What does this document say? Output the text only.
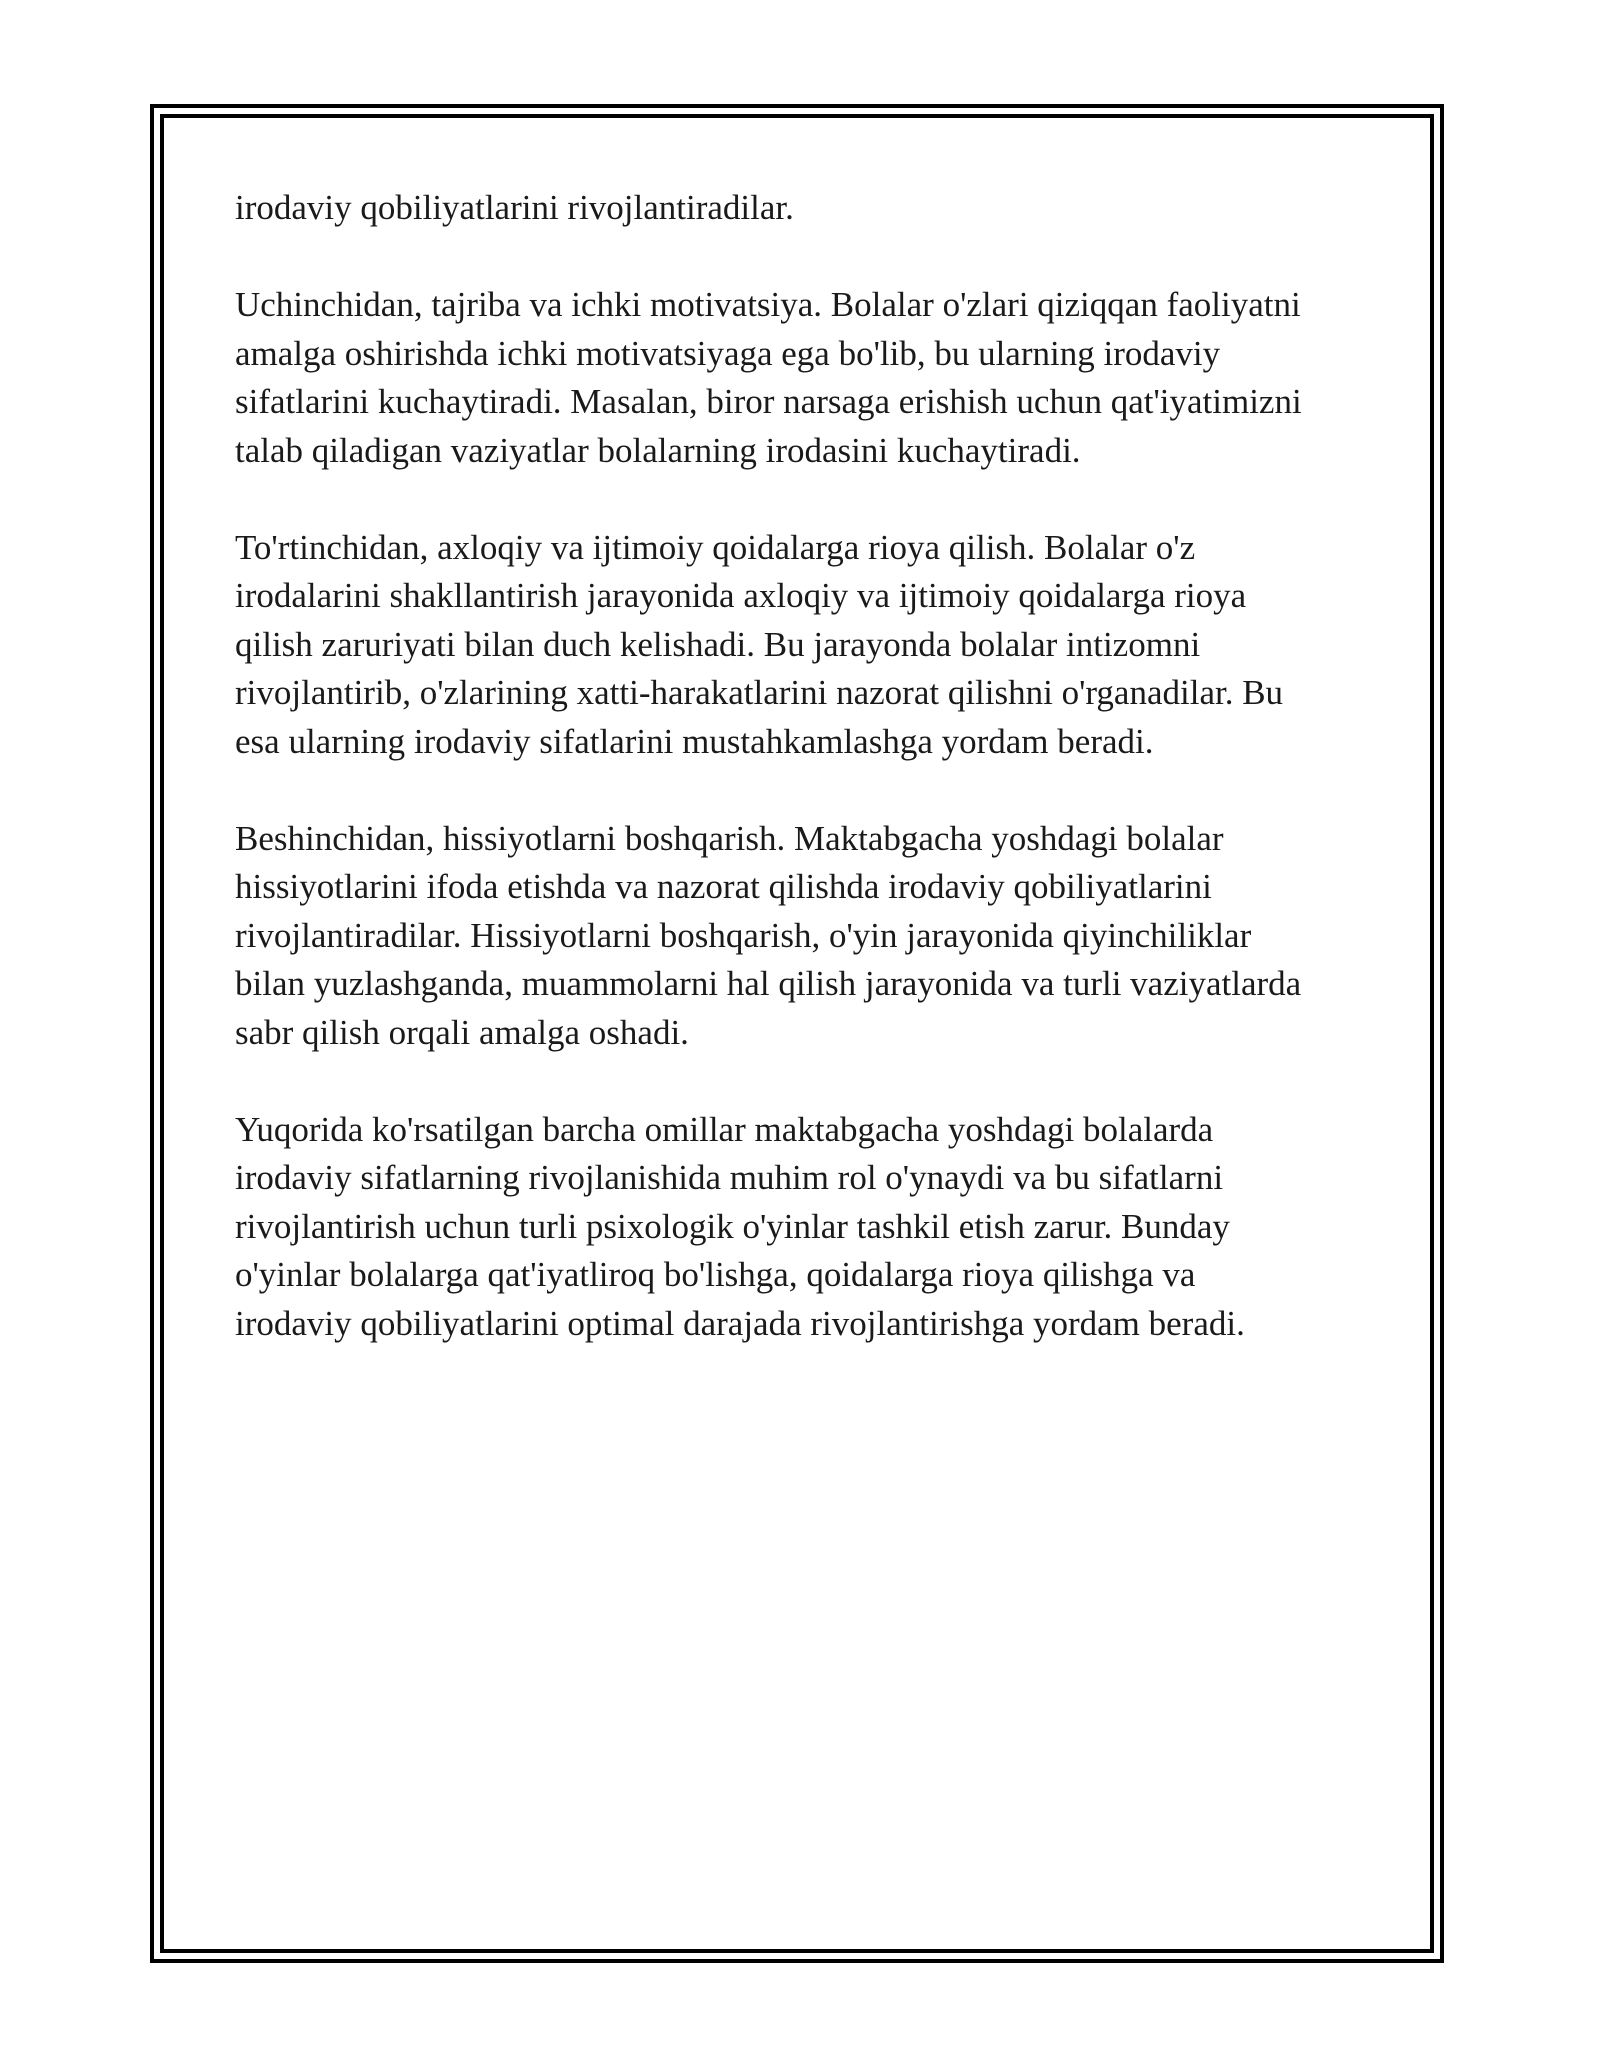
irodaviy qobiliyatlarini rivojlantiradilar.

Uchinchidan, tajriba va ichki motivatsiya. Bolalar o'zlari qiziqqan faoliyatni
amalga oshirishda ichki motivatsiyaga ega bo'lib, bu ularning irodaviy
sifatlarini kuchaytiradi. Masalan, biror narsaga erishish uchun qat'iyatimizni
talab qiladigan vaziyatlar bolalarning irodasini kuchaytiradi.

To'rtinchidan, axloqiy va ijtimoiy qoidalarga rioya qilish. Bolalar o'z
irodalarini shakllantirish jarayonida axloqiy va ijtimoiy qoidalarga rioya
qilish zaruriyati bilan duch kelishadi. Bu jarayonda bolalar intizomni
rivojlantirib, o'zlarining xatti-harakatlarini nazorat qilishni o'rganadilar. Bu
esa ularning irodaviy sifatlarini mustahkamlashga yordam beradi.

Beshinchidan, hissiyotlarni boshqarish. Maktabgacha yoshdagi bolalar
hissiyotlarini ifoda etishda va nazorat qilishda irodaviy qobiliyatlarini
rivojlantiradilar. Hissiyotlarni boshqarish, o'yin jarayonida qiyinchiliklar
bilan yuzlashganda, muammolarni hal qilish jarayonida va turli vaziyatlarda
sabr qilish orqali amalga oshadi.

Yuqorida ko'rsatilgan barcha omillar maktabgacha yoshdagi bolalarda
irodaviy sifatlarning rivojlanishida muhim rol o'ynaydi va bu sifatlarni
rivojlantirish uchun turli psixologik o'yinlar tashkil etish zarur. Bunday
o'yinlar bolalarga qat'iyatliroq bo'lishga, qoidalarga rioya qilishga va
irodaviy qobiliyatlarini optimal darajada rivojlantirishga yordam beradi.
